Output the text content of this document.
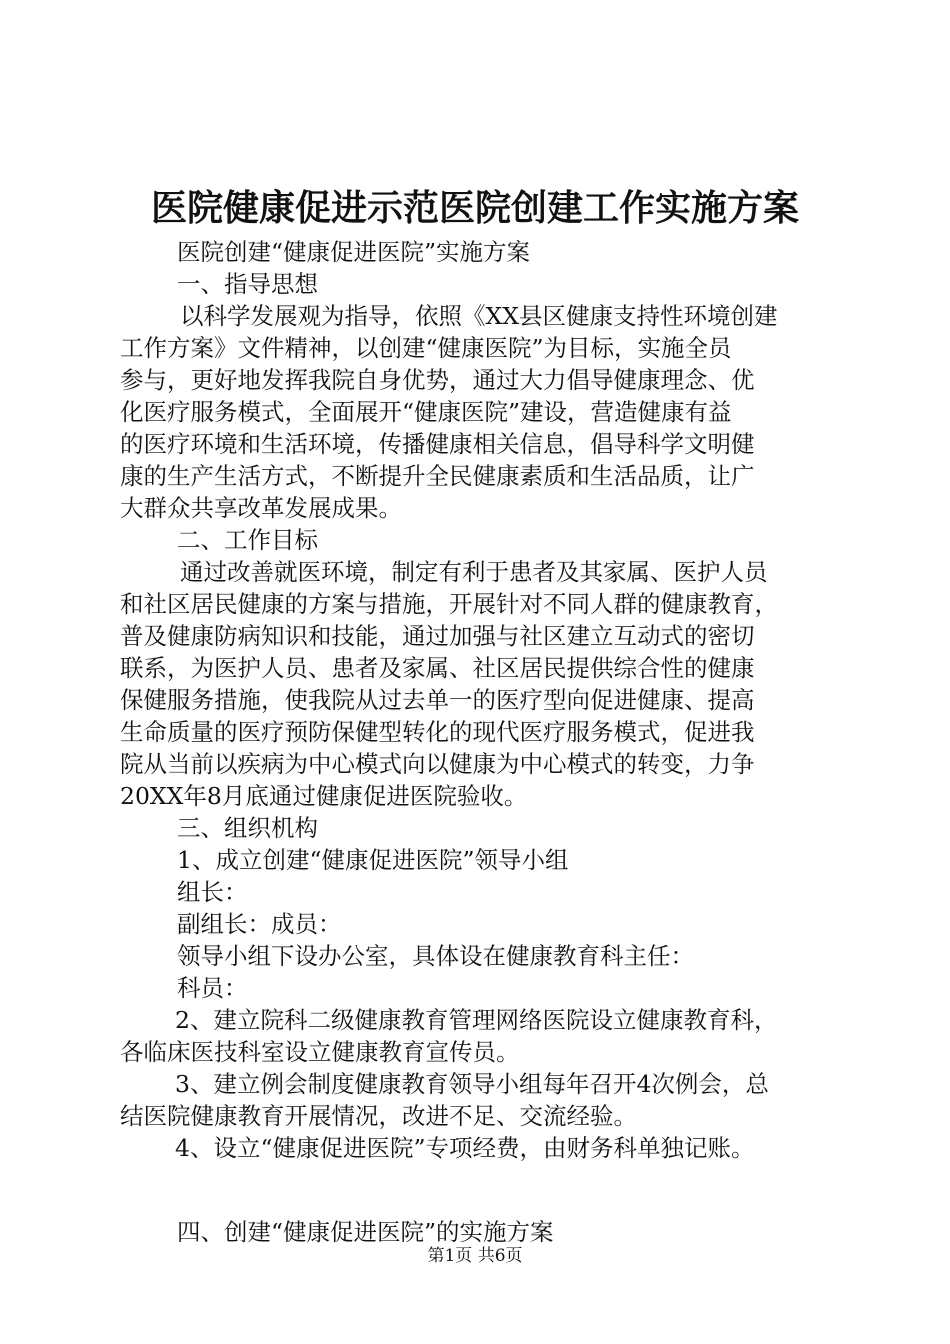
医院健康促进示范医院创建工作实施方案
医院创建“健康促进医院”实施方案
一、指导思想
以科学发展观为指导，依照《XX县区健康支持性环境创建
工作方案》文件精神，以创建“健康医院”为目标，实施全员
参与，更好地发挥我院自身优势，通过大力倡导健康理念、优
化医疗服务模式，全面展开“健康医院”建设，营造健康有益
的医疗环境和生活环境，传播健康相关信息，倡导科学文明健
康的生产生活方式，不断提升全民健康素质和生活品质，让广
大群众共享改革发展成果。
二、工作目标
通过改善就医环境，制定有利于患者及其家属、医护人员
和社区居民健康的方案与措施，开展针对不同人群的健康教育，
普及健康防病知识和技能，通过加强与社区建立互动式的密切
联系，为医护人员、患者及家属、社区居民提供综合性的健康
保健服务措施，使我院从过去单一的医疗型向促进健康、提高
生命质量的医疗预防保健型转化的现代医疗服务模式，促进我
院从当前以疾病为中心模式向以健康为中心模式的转变，力争
20XX年8月底通过健康促进医院验收。
三、组织机构
1、成立创建“健康促进医院”领导小组
组长：
副组长：成员：
领导小组下设办公室，具体设在健康教育科主任：
科员：
2、建立院科二级健康教育管理网络医院设立健康教育科，
各临床医技科室设立健康教育宣传员。
3、建立例会制度健康教育领导小组每年召开4次例会，总
结医院健康教育开展情况，改进不足、交流经验。
4、设立“健康促进医院”专项经费，由财务科单独记账。
四、创建“健康促进医院”的实施方案
第1页 共6页
